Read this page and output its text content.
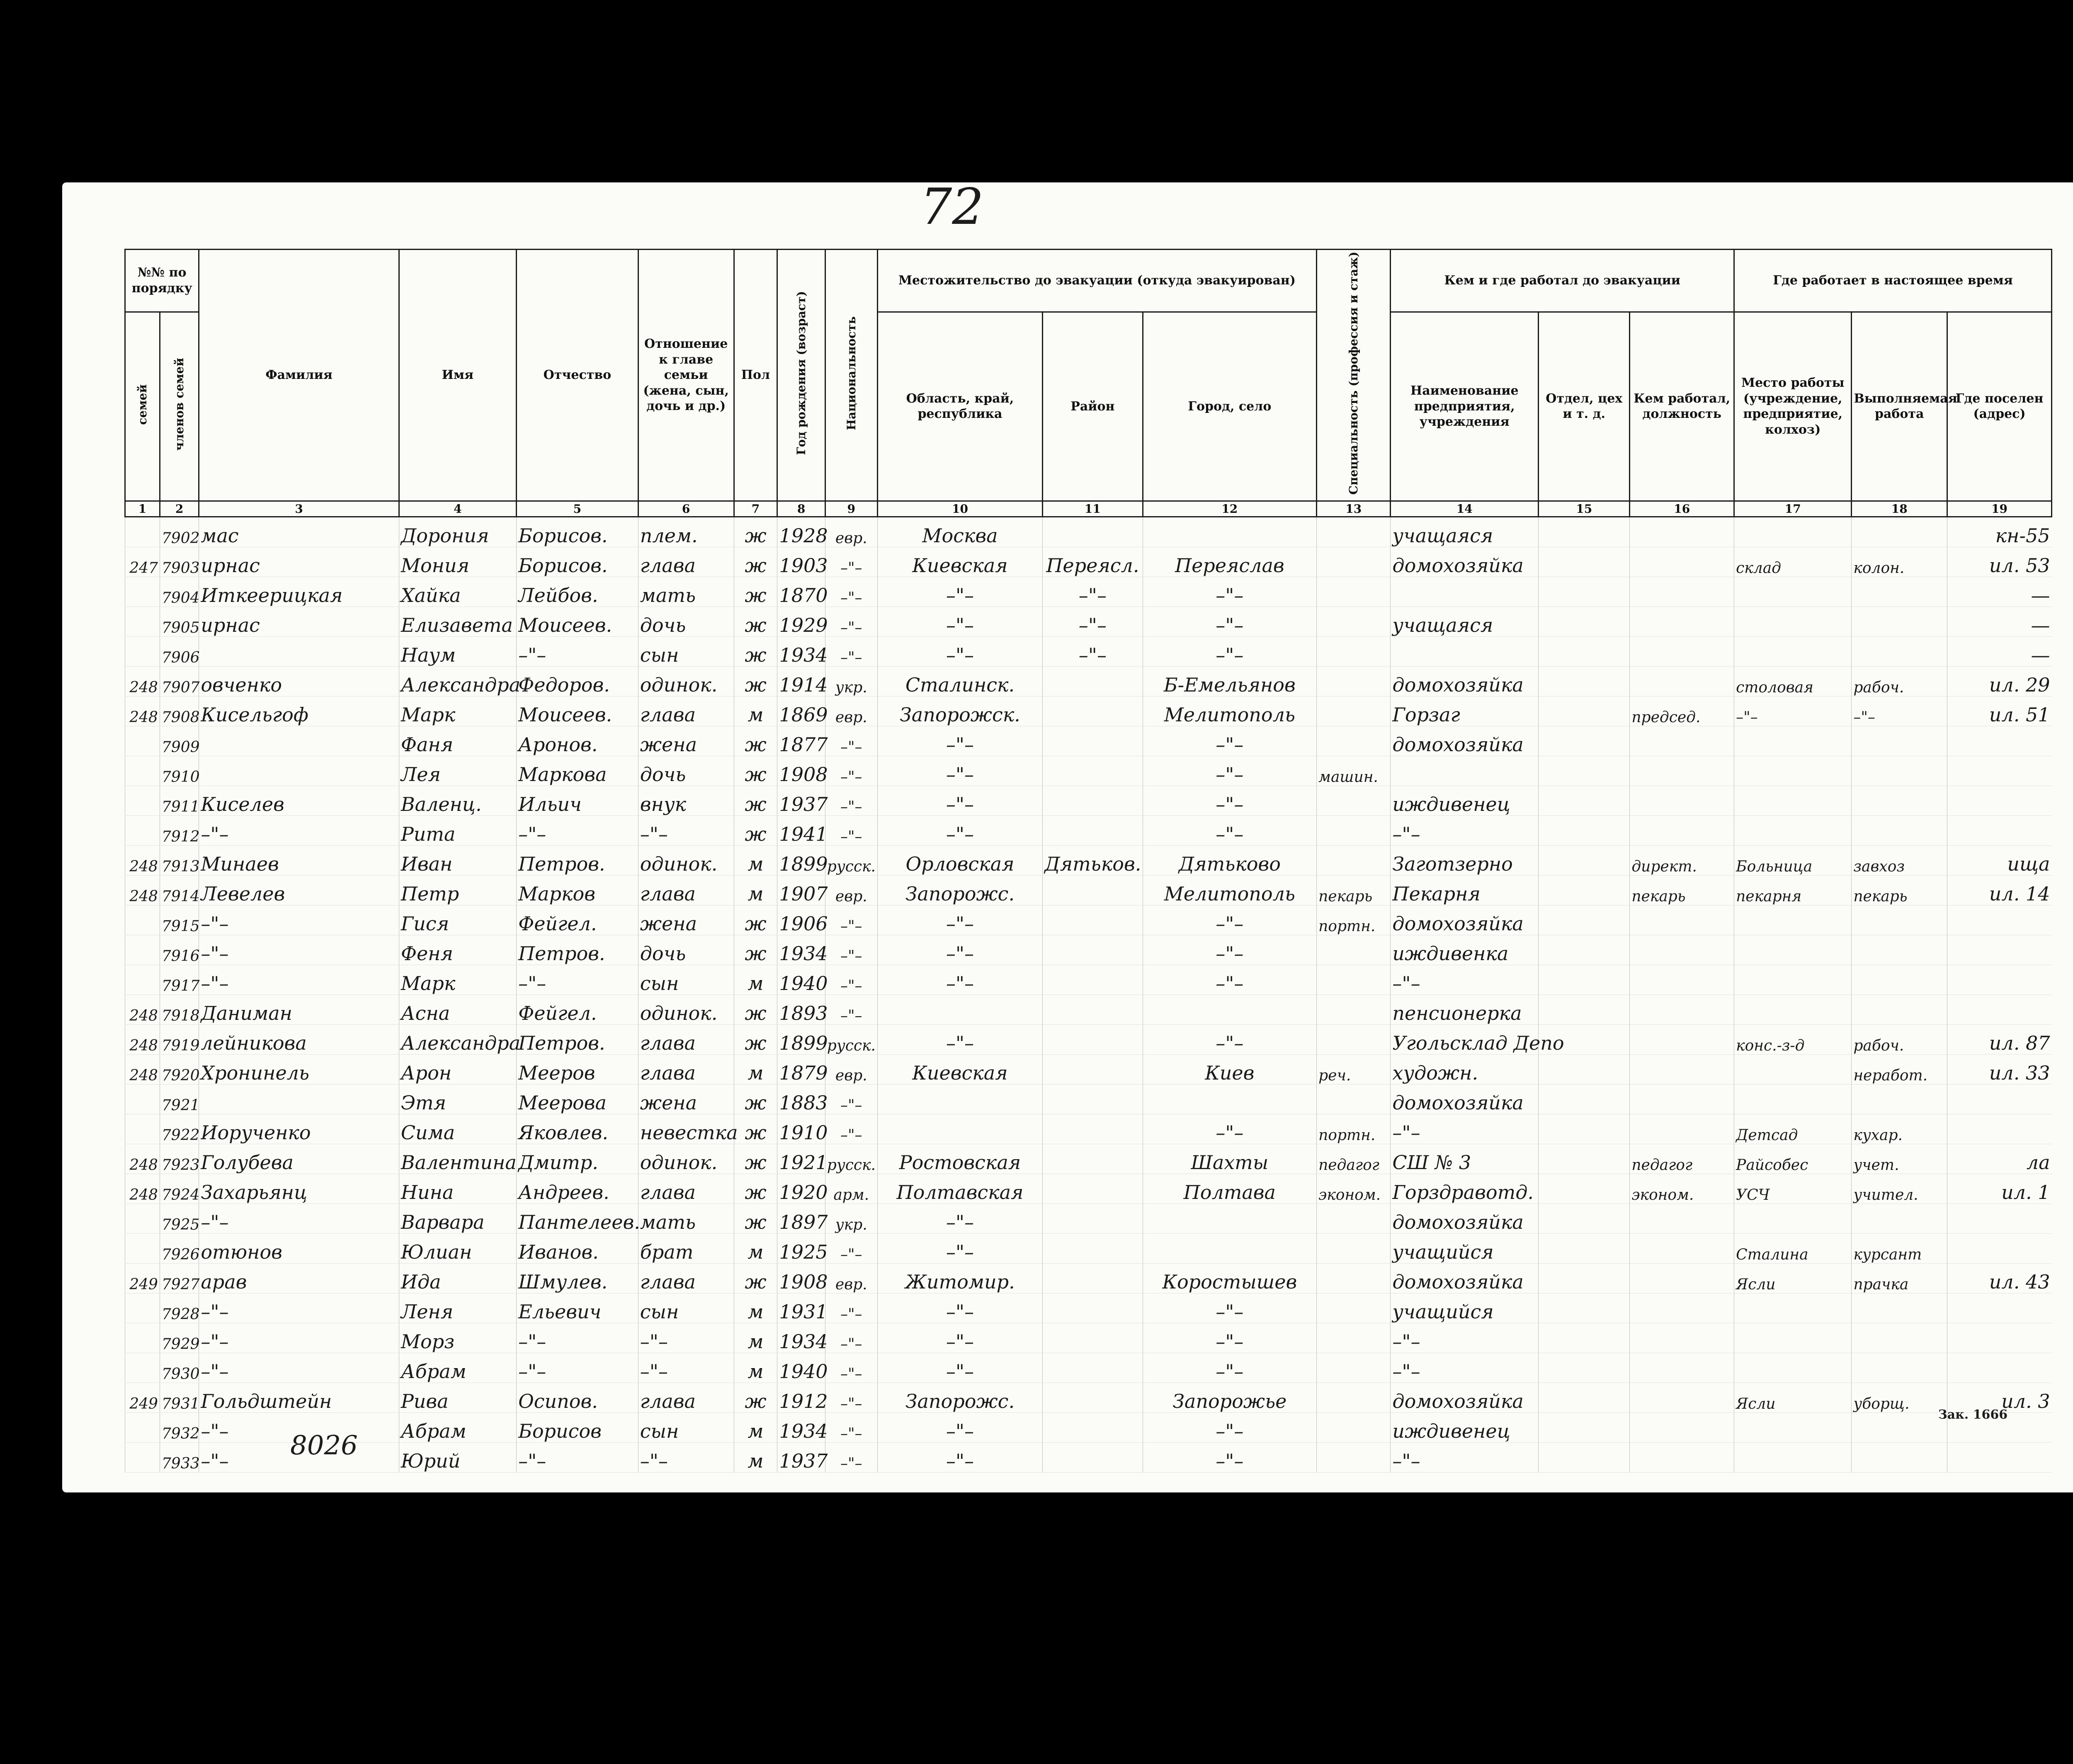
72
№№ по порядку		Фамилия	Имя	Отчество	Отношение к главе семьи (жена, сын, дочь и др.)	Пол	Год рождения (возраст)	Национальность	Местожительство до эвакуации (откуда эвакуирован)			Специальность (профессия и стаж)	Кем и где работал до эвакуации			Где работает в настоящее время		
семей	членов семей								Область, край, республика	Район	Город, село		Наименование предприятия, учреждения	Отдел, цех и т. д.	Кем работал, должность	Место работы (учреждение, предприятие, колхоз)	Выполняемая работа	Где поселен (адрес)
1	2	3	4	5	6	7	8	9	10	11	12	13	14	15	16	17	18	19
	7902	мас	Дорония	Борисов.	плем.	ж	1928	евр.	Москва				учащаяся					кн-55
247	7903	ирнас	Мония	Борисов.	глава	ж	1903	–"–	Киевская	Переясл.	Переяслав		домохозяйка			склад	колон.	ил. 53
	7904	Иткеерицкая	Хайка	Лейбов.	мать	ж	1870	–"–	–"–	–"–	–"–							—
	7905	ирнас	Елизавета	Моисеев.	дочь	ж	1929	–"–	–"–	–"–	–"–		учащаяся					—
	7906		Наум	–"–	сын	ж	1934	–"–	–"–	–"–	–"–							—
248	7907	овченко	Александра	Федоров.	одинок.	ж	1914	укр.	Сталинск.		Б-Емельянов		домохозяйка			столовая	рабоч.	ил. 29
248	7908	Кисельгоф	Марк	Моисеев.	глава	м	1869	евр.	Запорожск.		Мелитополь		Горзаг		председ.	–"–	–"–	ил. 51
	7909		Фаня	Аронов.	жена	ж	1877	–"–	–"–		–"–		домохозяйка					
	7910		Лея	Маркова	дочь	ж	1908	–"–	–"–		–"–	машин.						
	7911	Киселев	Валенц.	Ильич	внук	ж	1937	–"–	–"–		–"–		иждивенец					
	7912	–"–	Рита	–"–	–"–	ж	1941	–"–	–"–		–"–		–"–					
248	7913	Минаев	Иван	Петров.	одинок.	м	1899	русск.	Орловская	Дятьков.	Дятьково		Заготзерно		директ.	Больница	завхоз	ища
248	7914	Левелев	Петр	Марков	глава	м	1907	евр.	Запорожс.		Мелитополь	пекарь	Пекарня		пекарь	пекарня	пекарь	ил. 14
	7915	–"–	Гися	Фейгел.	жена	ж	1906	–"–	–"–		–"–	портн.	домохозяйка					
	7916	–"–	Феня	Петров.	дочь	ж	1934	–"–	–"–		–"–		иждивенка					
	7917	–"–	Марк	–"–	сын	м	1940	–"–	–"–		–"–		–"–					
248	7918	Даниман	Асна	Фейгел.	одинок.	ж	1893	–"–					пенсионерка					
248	7919	лейникова	Александра	Петров.	глава	ж	1899	русск.	–"–		–"–		Угольсклад Депо			конс.-з-д	рабоч.	ил. 87
248	7920	Хронинель	Арон	Мееров	глава	м	1879	евр.	Киевская		Киев	реч.	художн.				неработ.	ил. 33
	7921		Этя	Меерова	жена	ж	1883	–"–					домохозяйка					
	7922	Иорученко	Сима	Яковлев.	невестка	ж	1910	–"–			–"–	портн.	–"–			Детсад	кухар.	
248	7923	Голубева	Валентина	Дмитр.	одинок.	ж	1921	русск.	Ростовская		Шахты	педагог	СШ № 3		педагог	Райсобес	учет.	ла
248	7924	Захарьянц	Нина	Андреев.	глава	ж	1920	арм.	Полтавская		Полтава	эконом.	Горздравотд.		эконом.	УСЧ	учител.	ил. 1
	7925	–"–	Варвара	Пантелеев.	мать	ж	1897	укр.	–"–				домохозяйка					
	7926	отюнов	Юлиан	Иванов.	брат	м	1925	–"–	–"–				учащийся			Сталина	курсант	
249	7927	арав	Ида	Шмулев.	глава	ж	1908	евр.	Житомир.		Коростышев		домохозяйка			Ясли	прачка	ил. 43
	7928	–"–	Леня	Ельевич	сын	м	1931	–"–	–"–		–"–		учащийся					
	7929	–"–	Морз	–"–	–"–	м	1934	–"–	–"–		–"–		–"–					
	7930	–"–	Абрам	–"–	–"–	м	1940	–"–	–"–		–"–		–"–					
249	7931	Гольдштейн	Рива	Осипов.	глава	ж	1912	–"–	Запорожс.		Запорожье		домохозяйка			Ясли	уборщ.	ил. 3
	7932	–"–	Абрам	Борисов	сын	м	1934	–"–	–"–		–"–		иждивенец					
	7933	–"–	Юрий	–"–	–"–	м	1937	–"–	–"–		–"–		–"–					
8026
Зак. 1666
